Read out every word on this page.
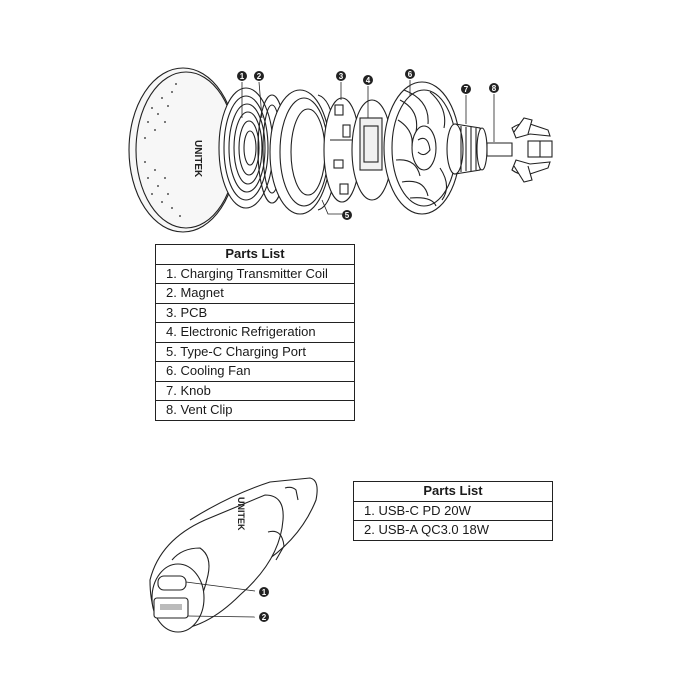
UNITEK
UNITEK
1 2	3	4
6
7	8
5
1
2
Parts List
1. Charging Transmitter Coil
2. Magnet
3. PCB
4. Electronic Refrigeration
5. Type-C Charging Port
6. Cooling Fan
7. Knob
8. Vent Clip
Parts List
1. USB-C PD 20W
2. USB-A QC3.0 18W
